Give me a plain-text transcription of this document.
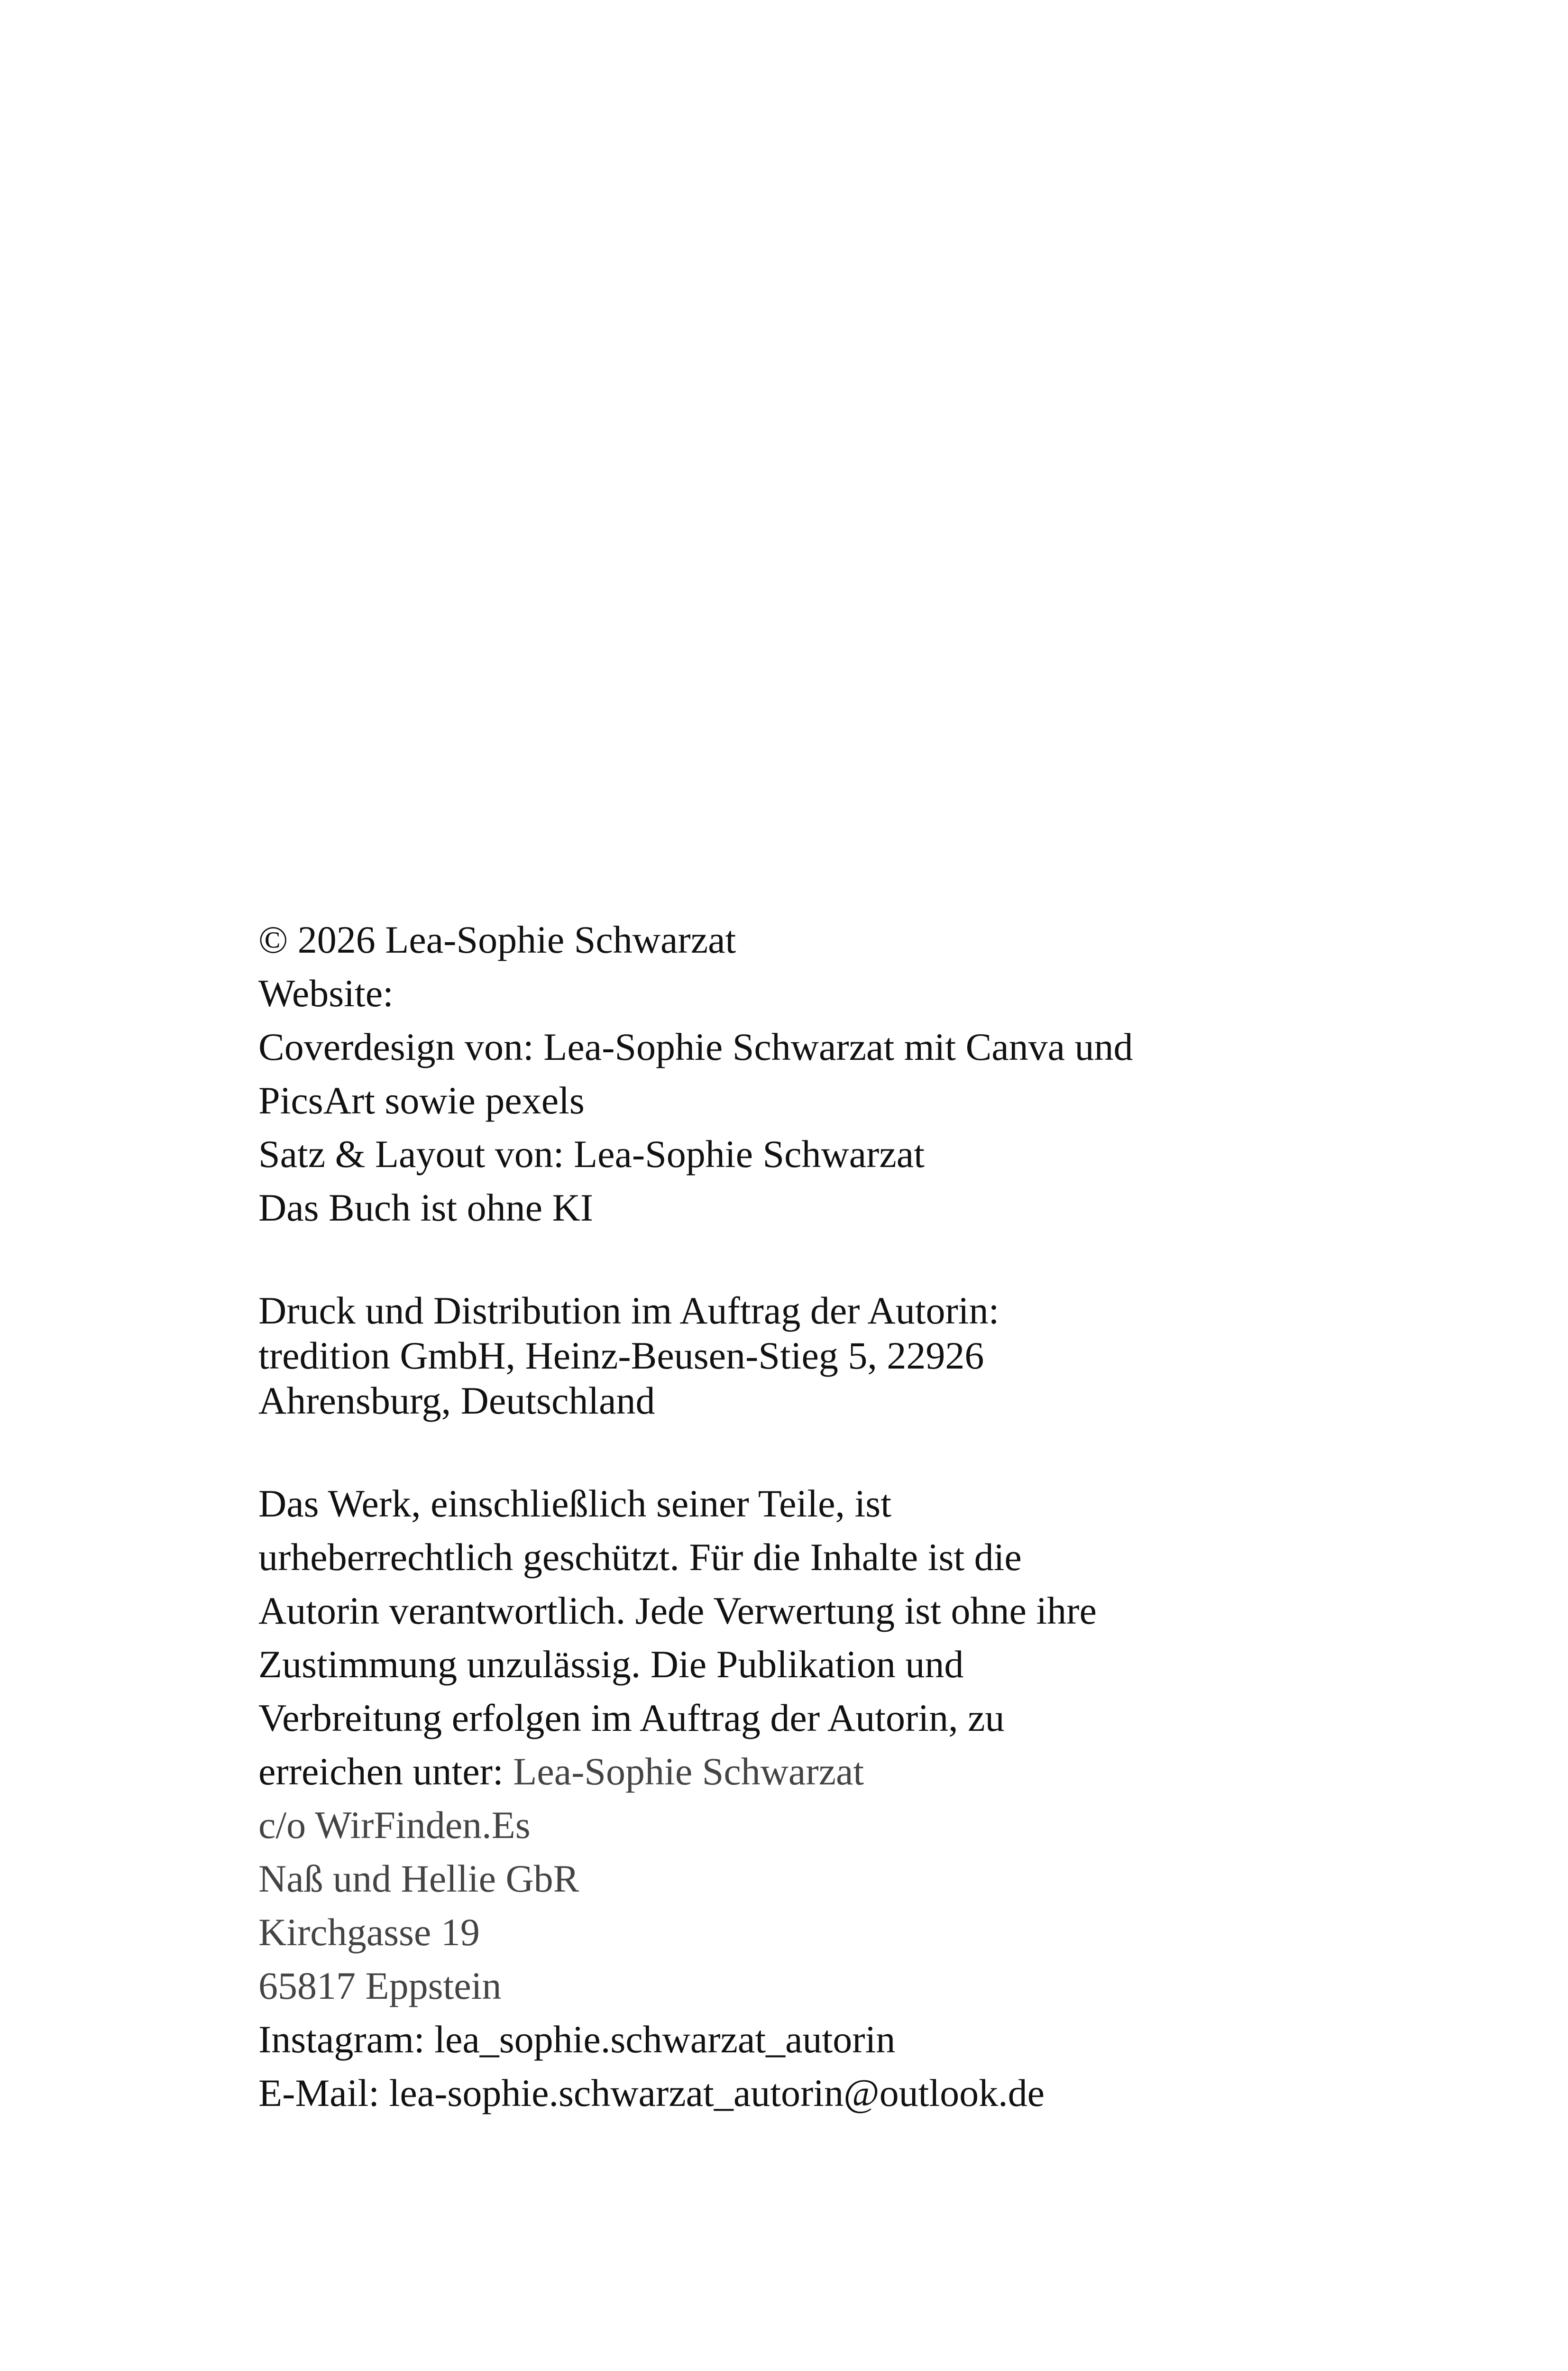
© 2026 Lea-Sophie Schwarzat
Website:
Coverdesign von: Lea-Sophie Schwarzat mit Canva und
PicsArt sowie pexels
Satz & Layout von: Lea-Sophie Schwarzat
Das Buch ist ohne KI
Druck und Distribution im Auftrag der Autorin:
tredition GmbH, Heinz-Beusen-Stieg 5, 22926
Ahrensburg, Deutschland
Das Werk, einschließlich seiner Teile, ist
urheberrechtlich geschützt. Für die Inhalte ist die
Autorin verantwortlich. Jede Verwertung ist ohne ihre
Zustimmung unzulässig. Die Publikation und
Verbreitung erfolgen im Auftrag der Autorin, zu
erreichen unter: Lea-Sophie Schwarzat
c/o WirFinden.Es
Naß und Hellie GbR
Kirchgasse 19
65817 Eppstein
Instagram: lea_sophie.schwarzat_autorin
E-Mail: lea-sophie.schwarzat_autorin@outlook.de
